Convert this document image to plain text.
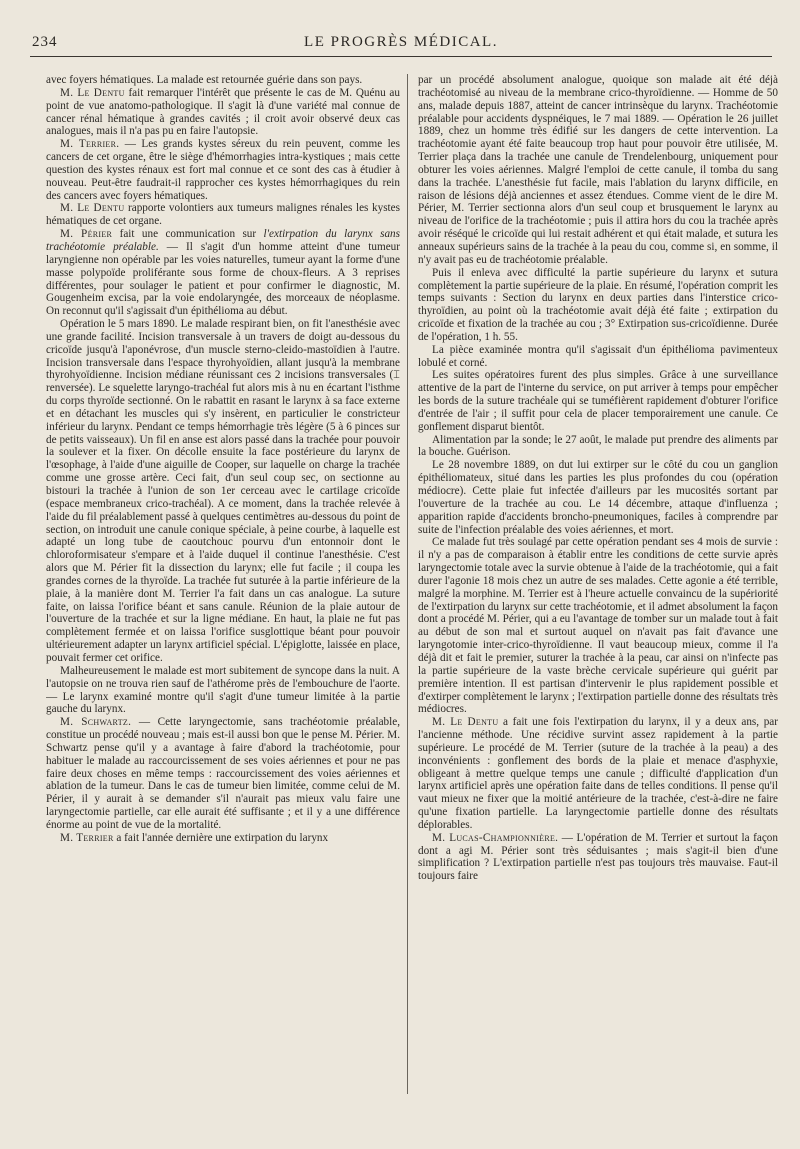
234	LE PROGRÈS MÉDICAL.

avec foyers hématiques. La malade est retournée guérie dans son pays.

M. Le Dentu fait remarquer l'intérêt que présente le cas de M. Quénu au point de vue anatomo-pathologique. Il s'agit là d'une variété mal connue de cancer rénal hématique à grandes cavités ; il croit avoir observé deux cas analogues, mais il n'a pas pu en faire l'autopsie.

M. Terrier. — Les grands kystes séreux du rein peuvent, comme les cancers de cet organe, être le siège d'hémorrhagies intra-kystiques ; mais cette question des kystes rénaux est fort mal connue et ce sont des cas à étudier à nouveau. Peut-être faudrait-il rapprocher ces kystes hémorrhagiques du rein des cancers avec foyers hématiques.

M. Le Dentu rapporte volontiers aux tumeurs malignes rénales les kystes hématiques de cet organe.

M. Périer fait une communication sur l'extirpation du larynx sans trachéotomie préalable. — Il s'agit d'un homme atteint d'une tumeur laryngienne non opérable par les voies naturelles, tumeur ayant la forme d'une masse polypoïde proliférante sous forme de choux-fleurs. A 3 reprises différentes, pour soulager le patient et pour confirmer le diagnostic, M. Gougenheim excisa, par la voie endolaryngée, des morceaux de néoplasme. On reconnut qu'il s'agissait d'un épithélioma au début.

Opération le 5 mars 1890. Le malade respirant bien, on fit l'anesthésie avec une grande facilité. Incision transversale à un travers de doigt au-dessous du cricoïde jusqu'à l'aponévrose, d'un muscle sterno-cleido-mastoïdien à l'autre. Incision transversale dans l'espace thyrohyoïdien, allant jusqu'à la membrane thyrohyoïdienne. Incision médiane réunissant ces 2 incisions transversales (⌶ renversée). Le squelette laryngo-trachéal fut alors mis à nu en écartant l'isthme du corps thyroïde sectionné. On le rabattit en rasant le larynx à sa face externe et en détachant les muscles qui s'y insèrent, en particulier le constricteur inférieur du larynx. Pendant ce temps hémorrhagie très légère (5 à 6 pinces sur de petits vaisseaux). Un fil en anse est alors passé dans la trachée pour pouvoir la soulever et la fixer. On décolle ensuite la face postérieure du larynx de l'œsophage, à l'aide d'une aiguille de Cooper, sur laquelle on charge la trachée comme une grosse artère. Ceci fait, d'un seul coup sec, on sectionne au bistouri la trachée à l'union de son 1er cerceau avec le cartilage cricoïde (espace membraneux crico-trachéal). A ce moment, dans la trachée relevée à l'aide du fil préalablement passé à quelques centimètres au-dessous du point de section, on introduit une canule conique spéciale, à peine courbe, à laquelle est adapté un long tube de caoutchouc pourvu d'un entonnoir dont le chloroformisateur s'empare et à l'aide duquel il continue l'anesthésie. C'est alors que M. Périer fit la dissection du larynx; elle fut facile ; il coupa les grandes cornes de la thyroïde. La trachée fut suturée à la partie inférieure de la plaie, à la manière dont M. Terrier l'a fait dans un cas analogue. La suture faite, on laissa l'orifice béant et sans canule. Réunion de la plaie autour de l'ouverture de la trachée et sur la ligne médiane. En haut, la plaie ne fut pas complètement fermée et on laissa l'orifice susglottique béant pour pouvoir ultérieurement adapter un larynx artificiel spécial. L'épiglotte, laissée en place, pouvait fermer cet orifice.

Malheureusement le malade est mort subitement de syncope dans la nuit. A l'autopsie on ne trouva rien sauf de l'athérome près de l'embouchure de l'aorte. — Le larynx examiné montre qu'il s'agit d'une tumeur limitée à la partie gauche du larynx.

M. Schwartz. — Cette laryngectomie, sans trachéotomie préalable, constitue un procédé nouveau ; mais est-il aussi bon que le pense M. Périer. M. Schwartz pense qu'il y a avantage à faire d'abord la trachéotomie, pour habituer le malade au raccourcissement de ses voies aériennes et pour ne pas faire deux choses en même temps : raccourcissement des voies aériennes et ablation de la tumeur. Dans le cas de tumeur bien limitée, comme celui de M. Périer, il y aurait à se demander s'il n'aurait pas mieux valu faire une laryngectomie partielle, car elle aurait été suffisante ; et il y a une différence énorme au point de vue de la mortalité.

M. Terrier a fait l'année dernière une extirpation du larynx

par un procédé absolument analogue, quoique son malade ait été déjà trachéotomisé au niveau de la membrane crico-thyroïdienne. — Homme de 50 ans, malade depuis 1887, atteint de cancer intrinsèque du larynx. Trachéotomie préalable pour accidents dyspnéiques, le 7 mai 1889. — Opération le 26 juillet 1889, chez un homme très édifié sur les dangers de cette intervention. La trachéotomie ayant été faite beaucoup trop haut pour pouvoir être utilisée, M. Terrier plaça dans la trachée une canule de Trendelenbourg, uniquement pour obturer les voies aériennes. Malgré l'emploi de cette canule, il tomba du sang dans la trachée. L'anesthésie fut facile, mais l'ablation du larynx difficile, en raison de lésions déjà anciennes et assez étendues. Comme vient de le dire M. Périer, M. Terrier sectionna alors d'un seul coup et brusquement le larynx au niveau de l'orifice de la trachéotomie ; puis il attira hors du cou la trachée après avoir réséqué le cricoïde qui lui restait adhérent et qui était malade, et sutura les anneaux supérieurs sains de la trachée à la peau du cou, comme si, en somme, il n'y avait pas eu de trachéotomie préalable.

Puis il enleva avec difficulté la partie supérieure du larynx et sutura complètement la partie supérieure de la plaie. En résumé, l'opération comprit les temps suivants : Section du larynx en deux parties dans l'interstice crico-thyroïdien, au point où la trachéotomie avait déjà été faite ; extirpation du cricoïde et fixation de la trachée au cou ; 3° Extirpation sus-cricoïdienne. Durée de l'opération, 1 h. 55.

La pièce examinée montra qu'il s'agissait d'un épithélioma pavimenteux lobulé et corné.

Les suites opératoires furent des plus simples. Grâce à une surveillance attentive de la part de l'interne du service, on put arriver à temps pour empêcher les bords de la suture trachéale qui se tuméfièrent rapidement d'obturer l'orifice d'entrée de l'air ; il suffit pour cela de placer temporairement une canule. Ce gonflement disparut bientôt.

Alimentation par la sonde; le 27 août, le malade put prendre des aliments par la bouche. Guérison.

Le 28 novembre 1889, on dut lui extirper sur le côté du cou un ganglion épithéliomateux, situé dans les parties les plus profondes du cou (opération médiocre). Cette plaie fut infectée d'ailleurs par les mucosités sortant par l'ouverture de la trachée au cou. Le 14 décembre, attaque d'influenza ; apparition rapide d'accidents broncho-pneumoniques, faciles à comprendre par suite de l'infection préalable des voies aériennes, et mort.

Ce malade fut très soulagé par cette opération pendant ses 4 mois de survie : il n'y a pas de comparaison à établir entre les conditions de cette survie après laryngectomie totale avec la survie obtenue à l'aide de la trachéotomie, qui a fait durer l'agonie 18 mois chez un autre de ses malades. Cette agonie a été terrible, malgré la morphine. M. Terrier est à l'heure actuelle convaincu de la supériorité de l'extirpation du larynx sur cette trachéotomie, et il admet absolument la façon dont a procédé M. Périer, qui a eu l'avantage de tomber sur un malade tout à fait au début de son mal et surtout auquel on n'avait pas fait d'avance une laryngotomie inter-crico-thyroïdienne. Il vaut beaucoup mieux, comme il l'a déjà dit et fait le premier, suturer la trachée à la peau, car ainsi on n'infecte pas la partie supérieure de la vaste brèche cervicale supérieure qui guérit par première intention. Il est partisan d'intervenir le plus rapidement possible et d'extirper complètement le larynx ; l'extirpation partielle donne des résultats très médiocres.

M. Le Dentu a fait une fois l'extirpation du larynx, il y a deux ans, par l'ancienne méthode. Une récidive survint assez rapidement à la partie supérieure. Le procédé de M. Terrier (suture de la trachée à la peau) a des inconvénients : gonflement des bords de la plaie et menace d'asphyxie, obligeant à mettre quelque temps une canule ; difficulté d'application d'un larynx artificiel après une opération faite dans de telles conditions. Il pense qu'il vaut mieux ne fixer que la moitié antérieure de la trachée, c'est-à-dire ne faire qu'une fixation partielle. La laryngectomie partielle donne des résultats déplorables.

M. Lucas-Championnière. — L'opération de M. Terrier et surtout la façon dont a agi M. Périer sont très séduisantes ; mais s'agit-il bien d'une simplification ? L'extirpation partielle n'est pas toujours très mauvaise. Faut-il toujours faire
